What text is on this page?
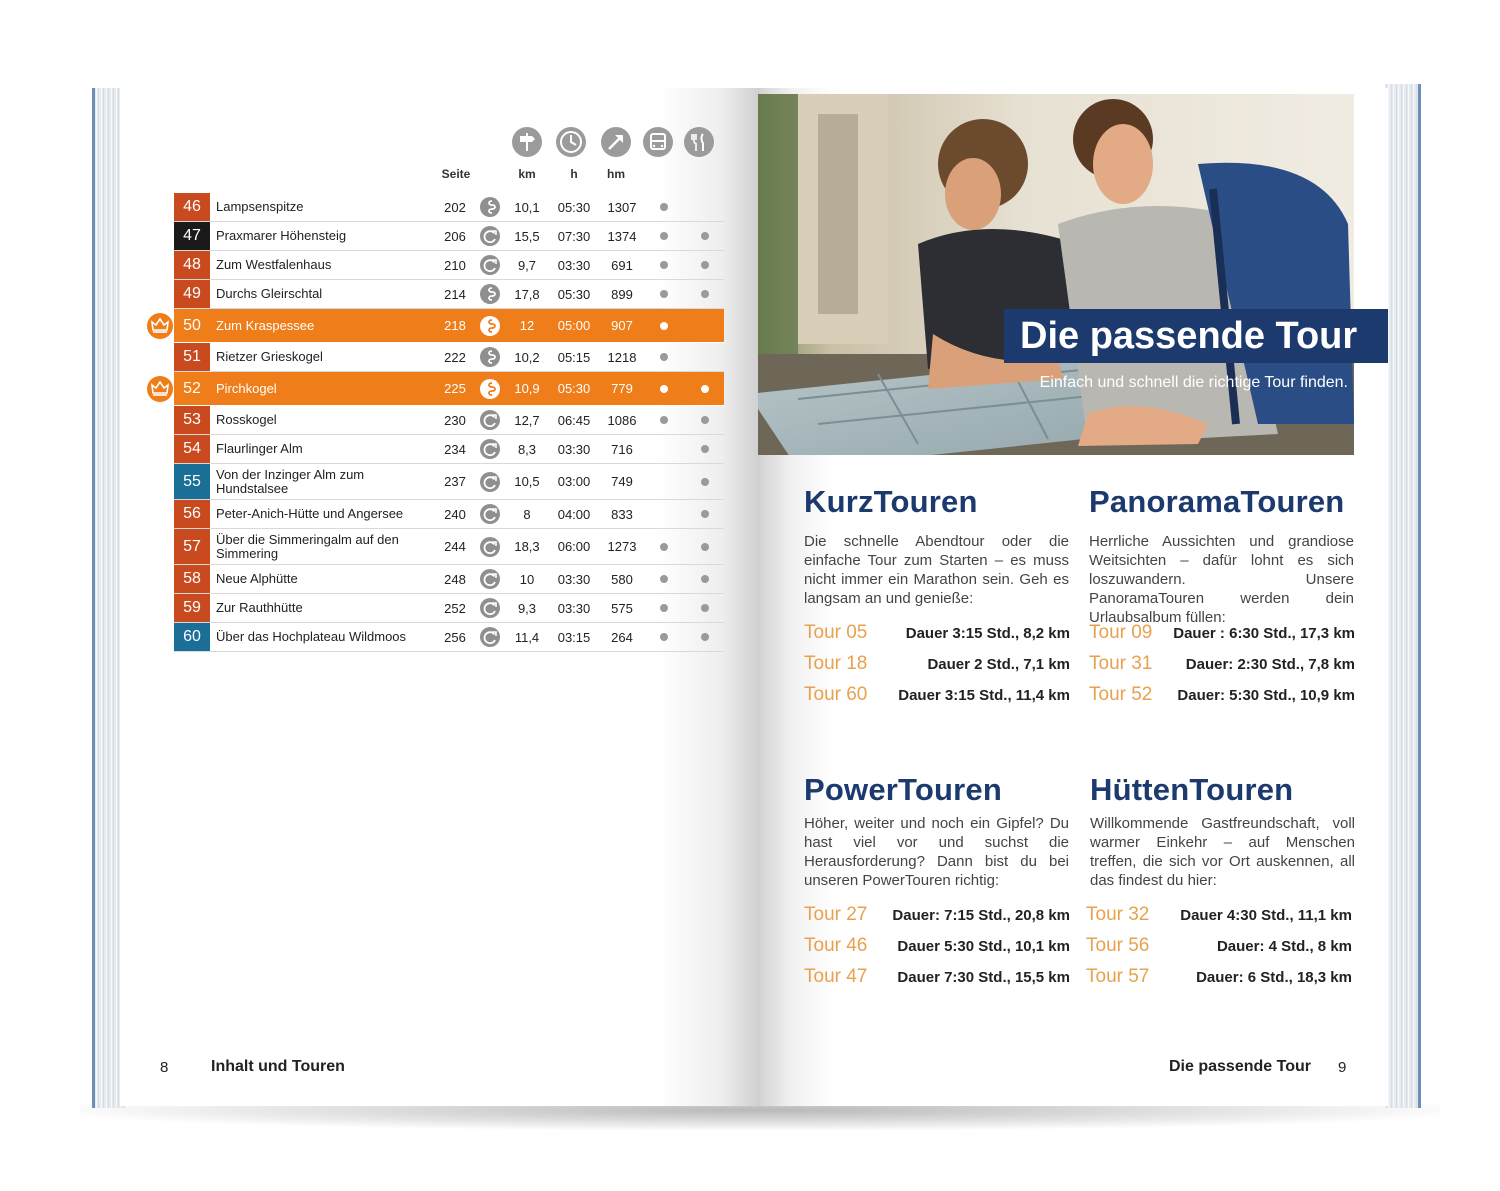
Seite	km	h	hm
46	Lampsenspitze	202	10,1	05:30	1307
47	Praxmarer Höhensteig	206	15,5	07:30	1374
48	Zum Westfalenhaus	210	9,7	03:30	691
49	Durchs Gleirschtal	214	17,8	05:30	899
50	Zum Kraspessee	218	12	05:00	907
51	Rietzer Grieskogel	222	10,2	05:15	1218
52	Pirchkogel	225	10,9	05:30	779
53	Rosskogel	230	12,7	06:45	1086
54	Flaurlinger Alm	234	8,3	03:30	716
55	Von der Inzinger Alm zum Hundstalsee	237	10,5	03:00	749
56	Peter-Anich-Hütte und Angersee	240	8	04:00	833
57	Über die Simmeringalm auf den Simmering	244	18,3	06:00	1273
58	Neue Alphütte	248	10	03:30	580
59	Zur Rauthhütte	252	9,3	03:30	575
60	Über das Hochplateau Wildmoos	256	11,4	03:15	264
8	Inhalt und Touren
Die passende Tour
Einfach und schnell die richtige Tour finden.
KurzTouren
Die schnelle Abendtour oder die einfache Tour zum Starten – es muss nicht immer ein Marathon sein. Geh es langsam an und genieße:
Tour 05	Dauer 3:15 Std., 8,2 km
Tour 18	Dauer 2 Std., 7,1 km
Tour 60 Dauer 3:15 Std., 11,4 km
PanoramaTouren
Herrliche Aussichten und grandiose Weitsichten – dafür lohnt es sich loszuwandern. Unsere PanoramaTouren werden dein Urlaubsalbum füllen:
Tour 09 Dauer : 6:30 Std., 17,3 km
Tour 31 Dauer: 2:30 Std., 7,8 km
Tour 52 Dauer: 5:30 Std., 10,9 km
PowerTouren
Höher, weiter und noch ein Gipfel? Du hast viel vor und suchst die Herausforderung? Dann bist du bei unseren PowerTouren richtig:
Tour 27 Dauer: 7:15 Std., 20,8 km
Tour 46 Dauer 5:30 Std., 10,1 km
Tour 47 Dauer 7:30 Std., 15,5 km
HüttenTouren
Willkommende Gastfreundschaft, voll warmer Einkehr – auf Menschen treffen, die sich vor Ort auskennen, all das findest du hier:
Tour 32 Dauer 4:30 Std., 11,1 km
Tour 56	Dauer: 4 Std., 8 km
Tour 57	Dauer: 6 Std., 18,3 km
Die passende Tour 9
